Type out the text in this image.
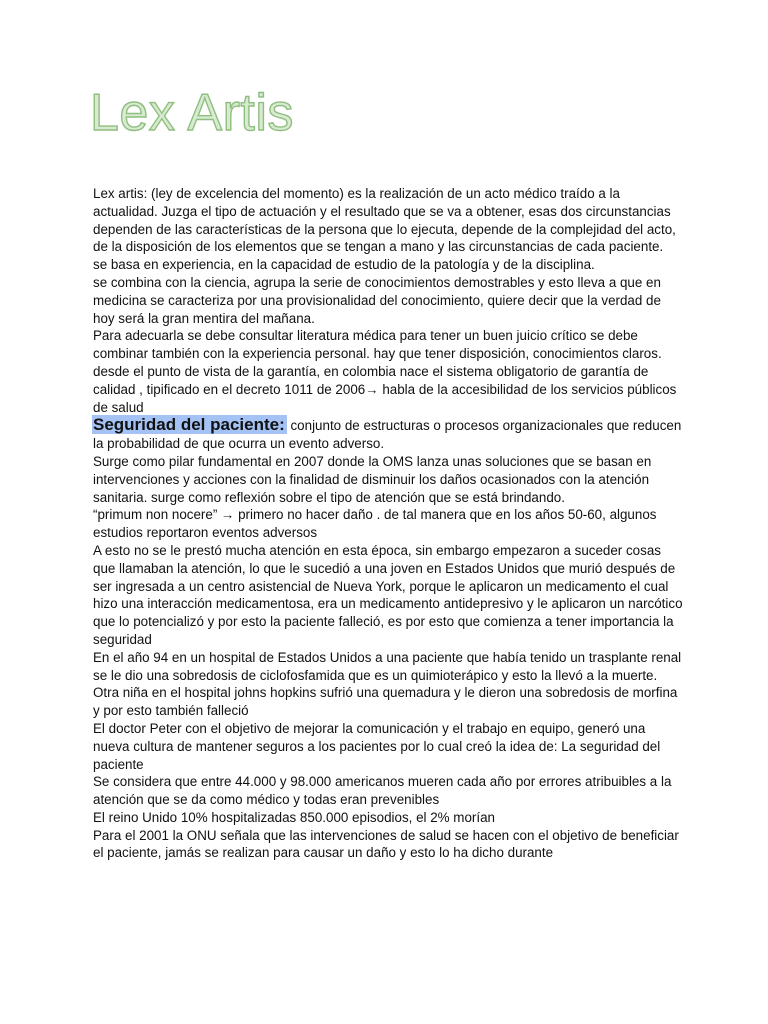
Lex Artis

Lex artis: (ley de excelencia del momento) es la realización de un acto médico traído a la actualidad. Juzga el tipo de actuación y el resultado que se va a obtener, esas dos circunstancias dependen de las características de la persona que lo ejecuta, depende de la complejidad del acto, de la disposición de los elementos que se tengan a mano y las circunstancias de cada paciente.

se basa en experiencia, en la capacidad de estudio de la patología y de la disciplina.

se combina con la ciencia, agrupa la serie de conocimientos demostrables y esto lleva a que en medicina se caracteriza por una provisionalidad del conocimiento, quiere decir que la verdad de hoy será la gran mentira del mañana.

Para adecuarla se debe consultar literatura médica para tener un buen juicio crítico se debe combinar también con la experiencia personal. hay que tener disposición, conocimientos claros.

desde el punto de vista de la garantía, en colombia nace el sistema obligatorio de garantía de calidad , tipificado en el decreto 1011 de 2006→ habla de la accesibilidad de los servicios públicos de salud

Seguridad del paciente: conjunto de estructuras o procesos organizacionales que reducen la probabilidad de que ocurra un evento adverso.

Surge como pilar fundamental en 2007 donde la OMS lanza unas soluciones que se basan en intervenciones y acciones con la finalidad de disminuir los daños ocasionados con la atención sanitaria. surge como reflexión sobre el tipo de atención que se está brindando.

“primum non nocere” → primero no hacer daño . de tal manera que en los años 50-60, algunos estudios reportaron eventos adversos

A esto no se le prestó mucha atención en esta época, sin embargo empezaron a suceder cosas que llamaban la atención, lo que le sucedió a una joven en Estados Unidos que murió después de ser ingresada a un centro asistencial de Nueva York, porque le aplicaron un medicamento el cual hizo una interacción medicamentosa, era un medicamento antidepresivo y le aplicaron un narcótico que lo potencializó y por esto la paciente falleció, es por esto que comienza a tener importancia la seguridad

En el año 94 en un hospital de Estados Unidos a una paciente que había tenido un trasplante renal se le dio una sobredosis de ciclofosfamida que es un quimioterápico y esto la llevó a la muerte.

Otra niña en el hospital johns hopkins sufrió una quemadura y le dieron una sobredosis de morfina y por esto también falleció

El doctor Peter con el objetivo de mejorar la comunicación y el trabajo en equipo, generó una nueva cultura de mantener seguros a los pacientes por lo cual creó la idea de: La seguridad del paciente

Se considera que entre 44.000 y 98.000 americanos mueren cada año por errores atribuibles a la atención que se da como médico y todas eran prevenibles

El reino Unido 10% hospitalizadas 850.000 episodios, el 2% morían

Para el 2001 la ONU señala que las intervenciones de salud se hacen con el objetivo de beneficiar el paciente, jamás se realizan para causar un daño y esto lo ha dicho durante
